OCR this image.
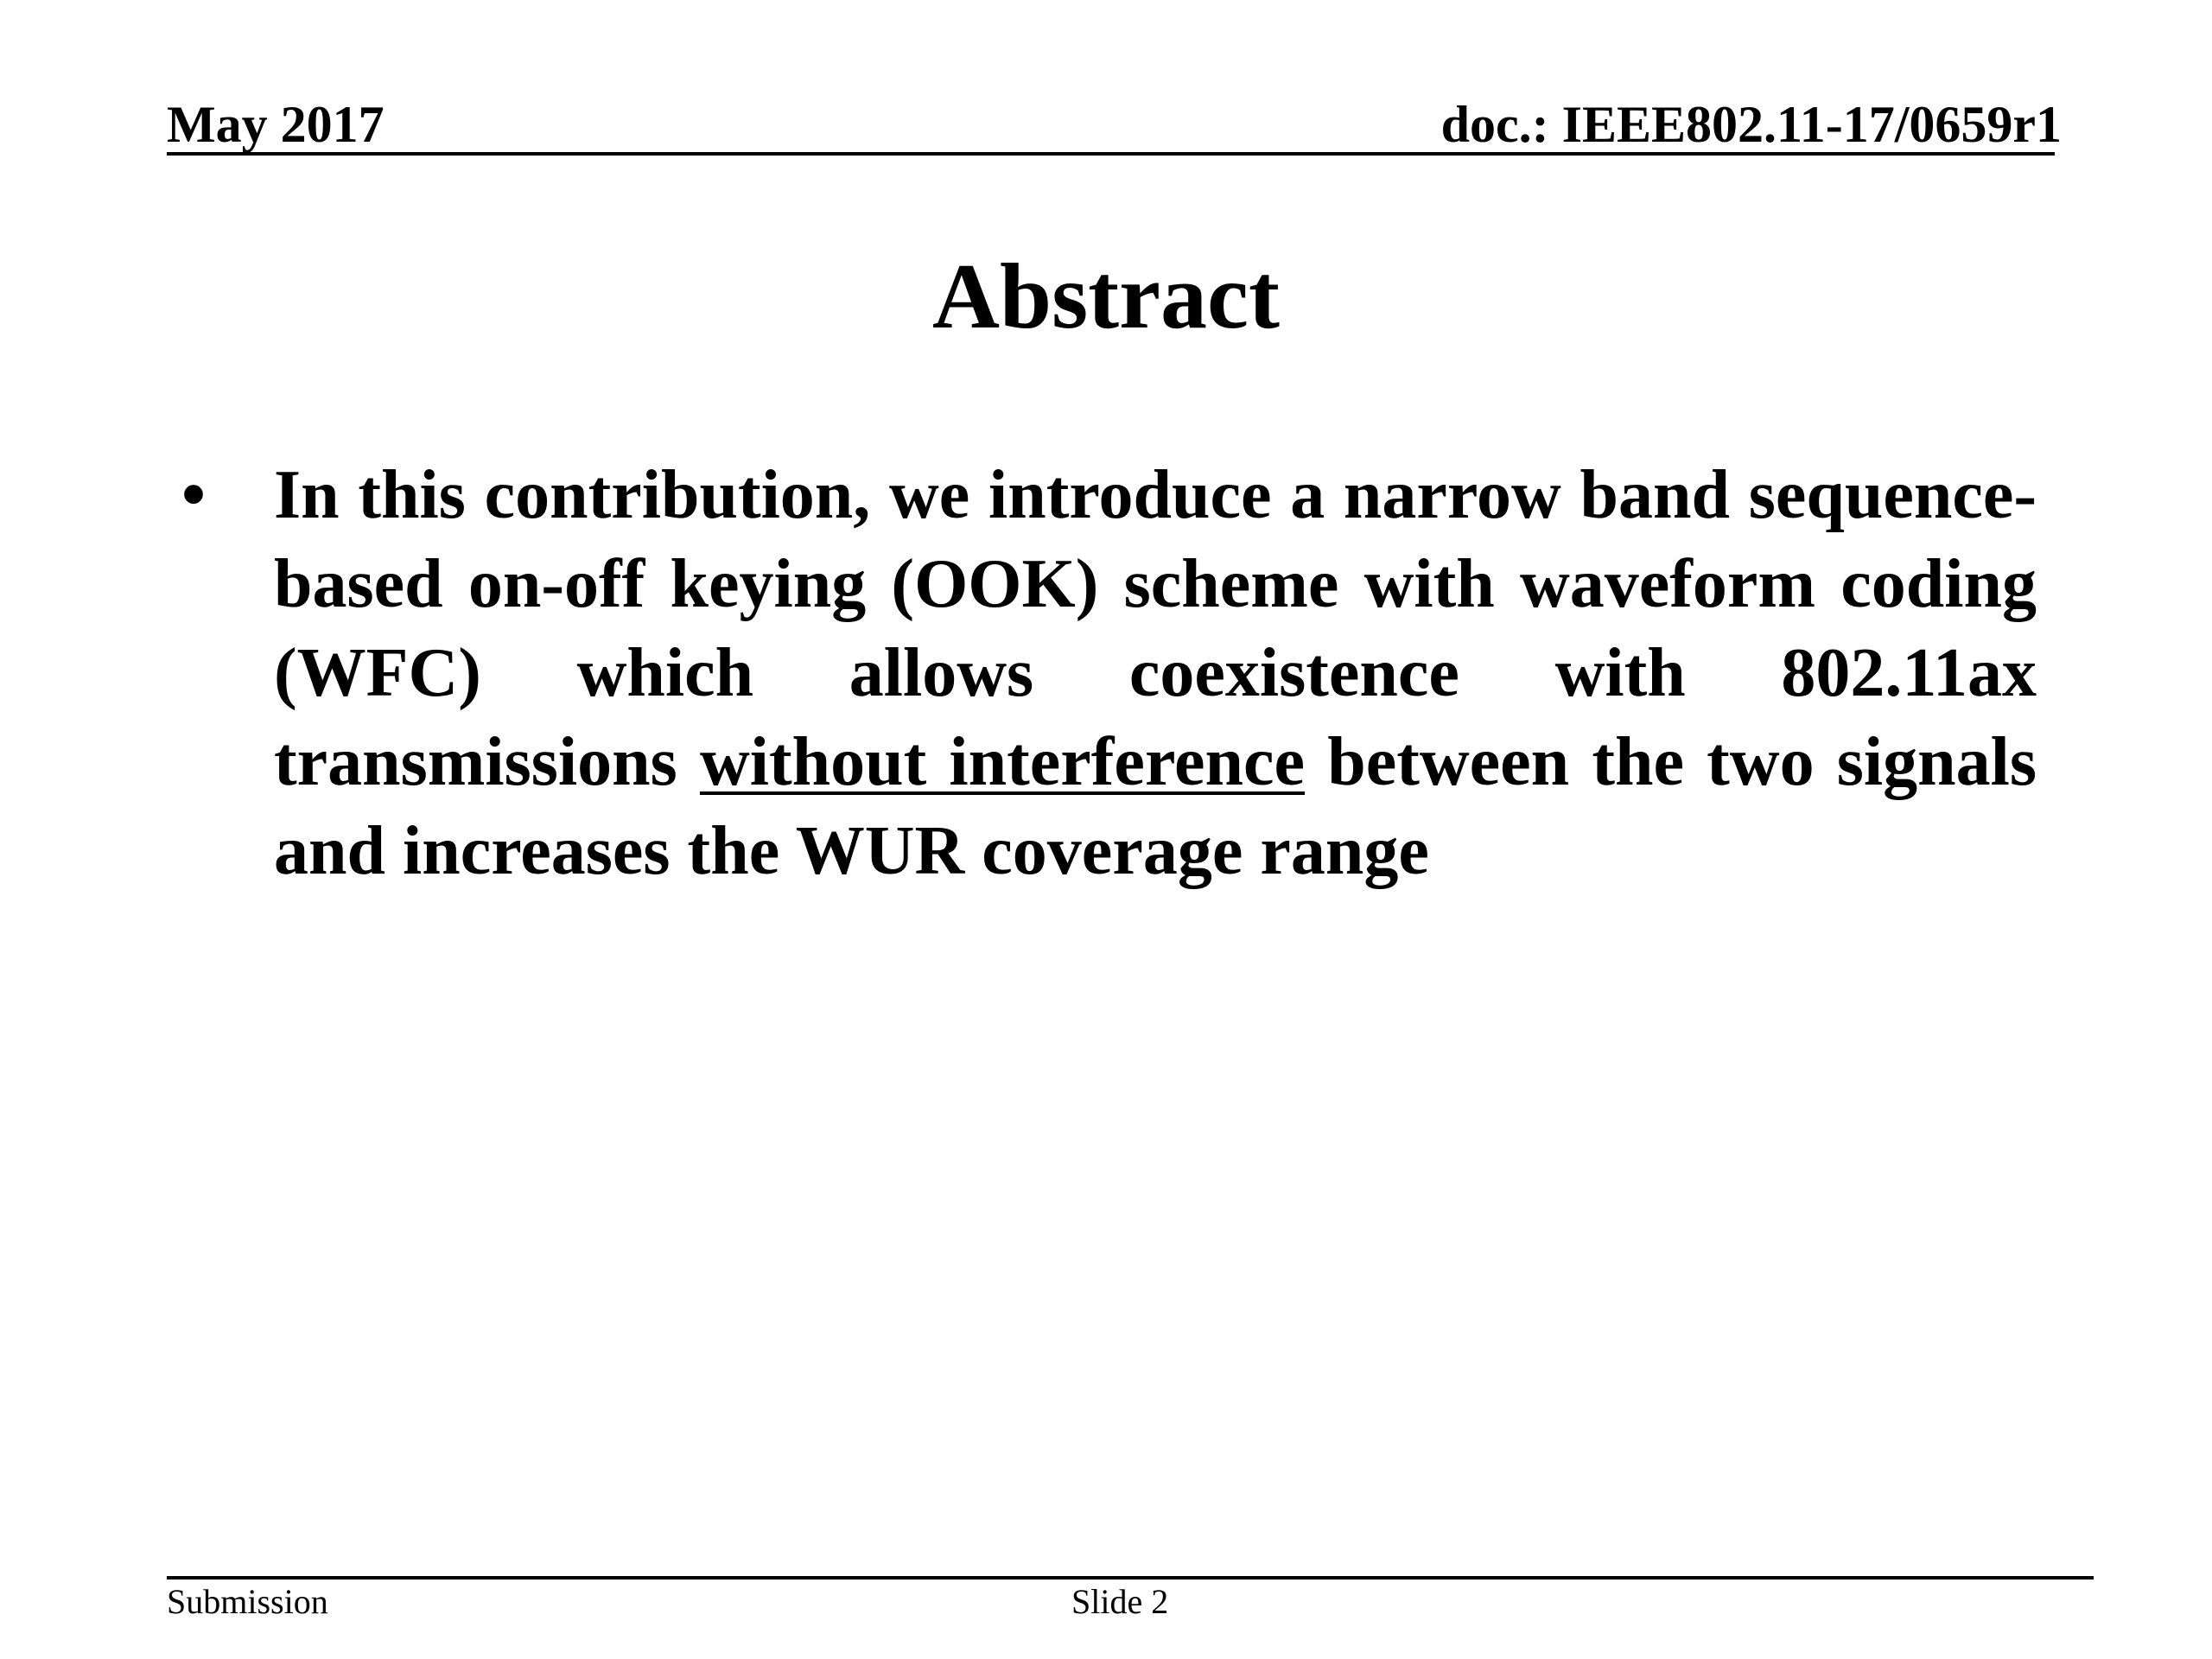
May 2017	doc.: IEEE802.11-17/0659r1
Abstract
• In this contribution, we introduce a narrow band sequence-based on-off keying (OOK) scheme with waveform coding (WFC) which allows coexistence with 802.11ax transmissions without interference between the two signals and increases the WUR coverage range
Submission	Slide 2
